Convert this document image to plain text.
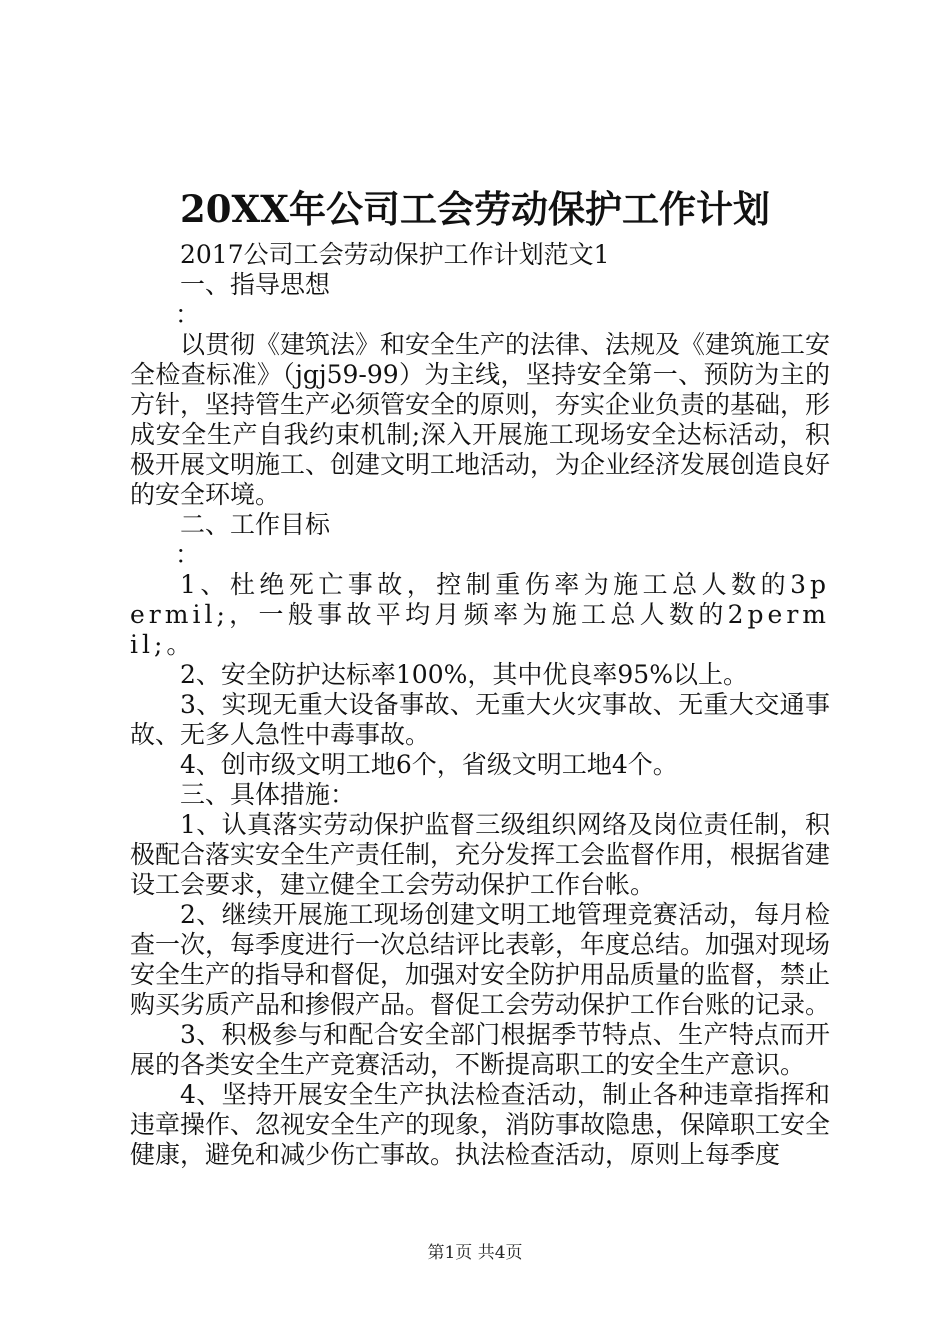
20XX年公司工会劳动保护工作计划

2017公司工会劳动保护工作计划范文1

一、指导思想

：

以贯彻《建筑法》和安全生产的法律、法规及《建筑施工安全检查标准》（jgj59-99）为主线，坚持安全第一、预防为主的方针，坚持管生产必须管安全的原则，夯实企业负责的基础，形成安全生产自我约束机制;深入开展施工现场安全达标活动，积极开展文明施工、创建文明工地活动，为企业经济发展创造良好的安全环境。

二、工作目标

：

1、杜绝死亡事故，控制重伤率为施工总人数的3permil;，一般事故平均月频率为施工总人数的2permil;。

2、安全防护达标率100%，其中优良率95%以上。

3、实现无重大设备事故、无重大火灾事故、无重大交通事故、无多人急性中毒事故。

4、创市级文明工地6个，省级文明工地4个。

三、具体措施：

1、认真落实劳动保护监督三级组织网络及岗位责任制，积极配合落实安全生产责任制，充分发挥工会监督作用，根据省建设工会要求，建立健全工会劳动保护工作台帐。

2、继续开展施工现场创建文明工地管理竞赛活动，每月检查一次，每季度进行一次总结评比表彰，年度总结。加强对现场安全生产的指导和督促，加强对安全防护用品质量的监督，禁止购买劣质产品和掺假产品。督促工会劳动保护工作台账的记录。

3、积极参与和配合安全部门根据季节特点、生产特点而开展的各类安全生产竞赛活动，不断提高职工的安全生产意识。

4、坚持开展安全生产执法检查活动，制止各种违章指挥和违章操作、忽视安全生产的现象，消防事故隐患，保障职工安全健康，避免和减少伤亡事故。执法检查活动，原则上每季度

第1页 共4页
